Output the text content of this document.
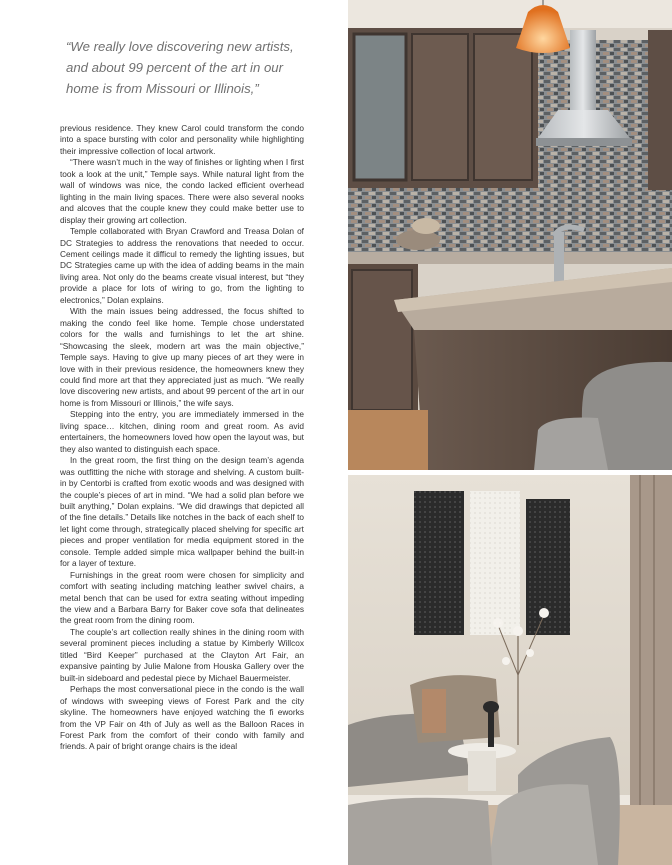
“We really love discovering new artists, and about 99 percent of the art in our home is from Missouri or Illinois,”

previous residence. They knew Carol could transform the condo into a space bursting with color and personality while highlighting their impressive collection of local artwork.

“There wasn’t much in the way of finishes or lighting when I first took a look at the unit,” Temple says. While natural light from the wall of windows was nice, the condo lacked efficient overhead lighting in the main living spaces. There were also several nooks and alcoves that the couple knew they could make better use to display their growing art collection.

Temple collaborated with Bryan Crawford and Treasa Dolan of DC Strategies to address the renovations that needed to occur. Cement ceilings made it difficul to remedy the lighting issues, but DC Strategies came up with the idea of adding beams in the main living area. Not only do the beams create visual interest, but “they provide a place for lots of wiring to go, from the lighting to electronics,” Dolan explains.

With the main issues being addressed, the focus shifted to making the condo feel like home. Temple chose understated colors for the walls and furnishings to let the art shine. “Showcasing the sleek, modern art was the main objective,” Temple says. Having to give up many pieces of art they were in love with in their previous residence, the homeowners knew they could find more art that they appreciated just as much. “We really love discovering new artists, and about 99 percent of the art in our home is from Missouri or Illinois,” the wife says.

Stepping into the entry, you are immediately immersed in the living space… kitchen, dining room and great room. As avid entertainers, the homeowners loved how open the layout was, but they also wanted to distinguish each space.

In the great room, the first thing on the design team’s agenda was outfitting the niche with storage and shelving. A custom built-in by Centorbi is crafted from exotic woods and was designed with the couple’s pieces of art in mind. “We had a solid plan before we built anything,” Dolan explains. “We did drawings that depicted all of the fine details.” Details like notches in the back of each shelf to let light come through, strategically placed shelving for specific art pieces and proper ventilation for media equipment stored in the console. Temple added simple mica wallpaper behind the built-in for a layer of texture.

Furnishings in the great room were chosen for simplicity and comfort with seating including matching leather swivel chairs, a metal bench that can be used for extra seating without impeding the view and a Barbara Barry for Baker cove sofa that delineates the great room from the dining room.

The couple’s art collection really shines in the dining room with several prominent pieces including a statue by Kimberly Willcox titled “Bird Keeper” purchased at the Clayton Art Fair, an expansive painting by Julie Malone from Houska Gallery over the built-in sideboard and pedestal piece by Michael Bauermeister.

Perhaps the most conversational piece in the condo is the wall of windows with sweeping views of Forest Park and the city skyline. The homeowners have enjoyed watching the fi eworks from the VP Fair on 4th of July as well as the Balloon Races in Forest Park from the comfort of their condo with family and friends. A pair of bright orange chairs is the ideal
